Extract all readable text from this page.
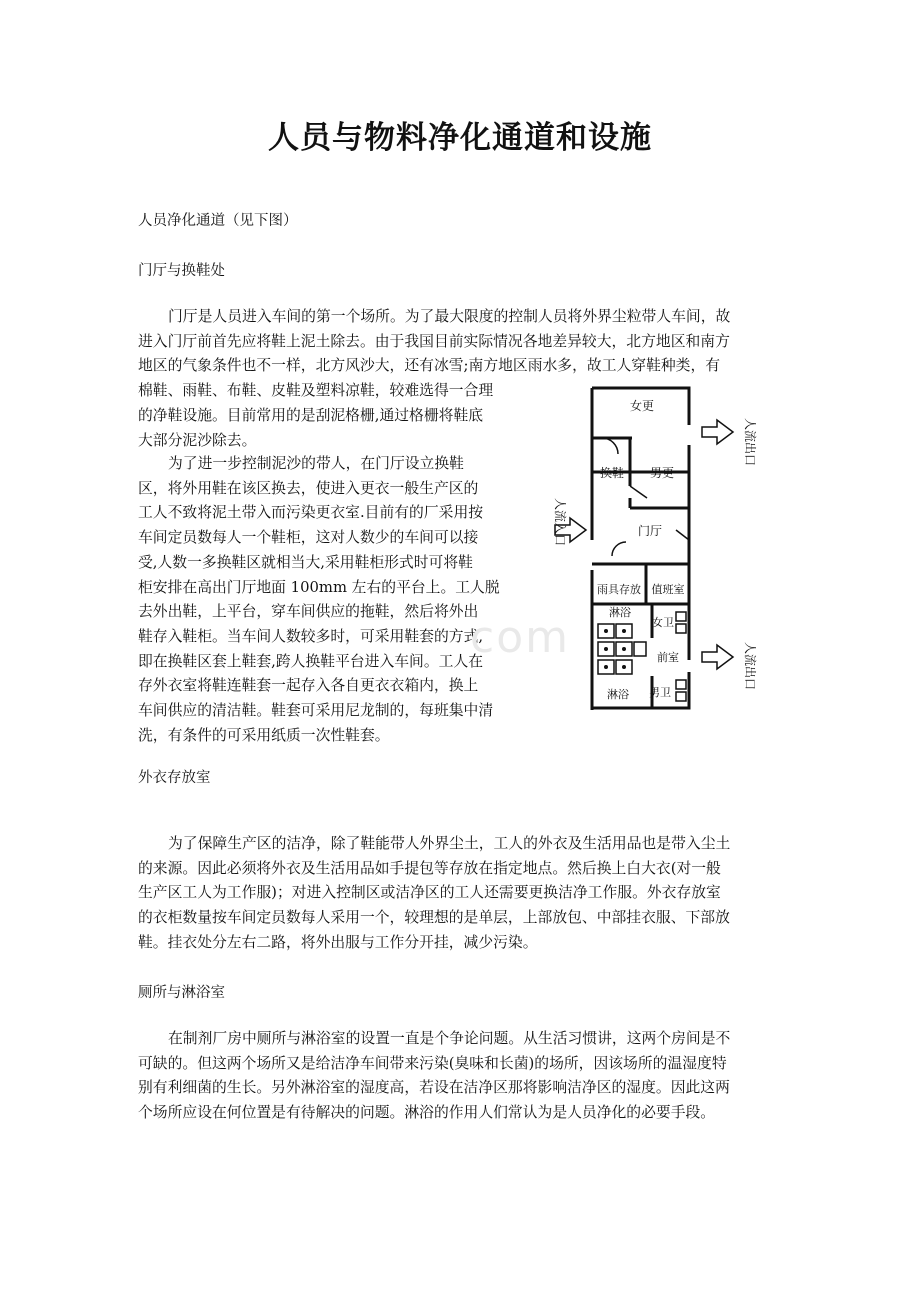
人员与物料净化通道和设施

人员净化通道（见下图）

门厅与换鞋处

门厅是人员进入车间的第一个场所。为了最大限度的控制人员将外界尘粒带人车间，故
进入门厅前首先应将鞋上泥土除去。由于我国目前实际情况各地差异较大，北方地区和南方
地区的气象条件也不一样，北方风沙大，还有冰雪;南方地区雨水多，故工人穿鞋种类，有
棉鞋、雨鞋、布鞋、皮鞋及塑料凉鞋，较难选得一合理
的净鞋设施。目前常用的是刮泥格栅,通过格栅将鞋底
大部分泥沙除去。
为了进一步控制泥沙的带人，在门厅设立换鞋
区，将外用鞋在该区换去，使进入更衣一般生产区的
工人不致将泥土带入而污染更衣室.目前有的厂采用按
车间定员数每人一个鞋柜，这对人数少的车间可以接
受,人数一多换鞋区就相当大,采用鞋柜形式时可将鞋
柜安排在高出门厅地面 100mm 左右的平台上。工人脱
去外出鞋，上平台，穿车间供应的拖鞋，然后将外出
鞋存入鞋柜。当车间人数较多时，可采用鞋套的方式,
即在换鞋区套上鞋套,跨人换鞋平台进入车间。工人在
存外衣室将鞋连鞋套一起存入各自更衣衣箱内，换上
车间供应的清洁鞋。鞋套可采用尼龙制的，每班集中清
洗，有条件的可采用纸质一次性鞋套。
com
女更
换鞋 男更
门厅
雨具存放 值班室
淋浴
女卫
前室
淋浴 男卫
人流入口
人流出口
人流出口

外衣存放室

为了保障生产区的洁净，除了鞋能带人外界尘土，工人的外衣及生活用品也是带入尘土
的来源。因此必须将外衣及生活用品如手提包等存放在指定地点。然后换上白大衣(对一般
生产区工人为工作服)；对进入控制区或洁净区的工人还需要更换洁净工作服。外衣存放室
的衣柜数量按车间定员数每人采用一个，较理想的是单层，上部放包、中部挂衣服、下部放
鞋。挂衣处分左右二路，将外出服与工作分开挂，减少污染。

厕所与淋浴室

在制剂厂房中厕所与淋浴室的设置一直是个争论问题。从生活习惯讲，这两个房间是不
可缺的。但这两个场所又是给洁净车间带来污染(臭味和长菌)的场所，因该场所的温湿度特
别有利细菌的生长。另外淋浴室的湿度高，若设在洁净区那将影响洁净区的湿度。因此这两
个场所应设在何位置是有待解决的问题。淋浴的作用人们常认为是人员净化的必要手段。
